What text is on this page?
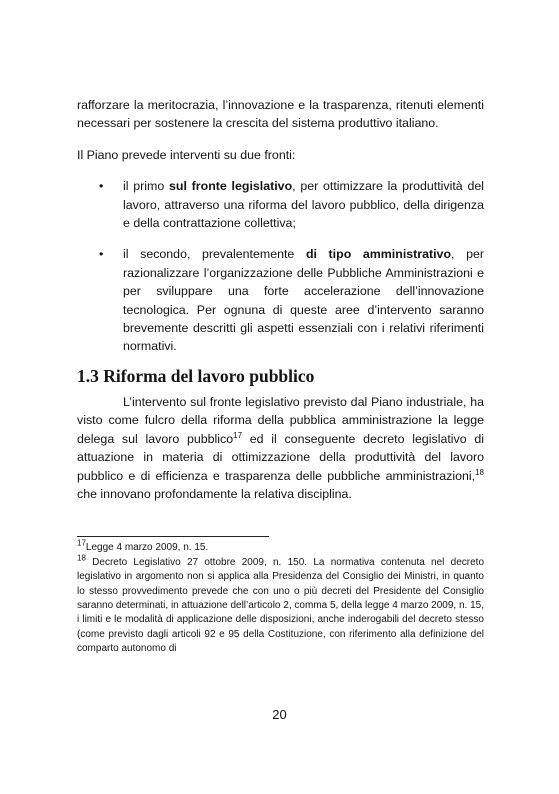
rafforzare la meritocrazia, l’innovazione e la trasparenza, ritenuti elementi necessari per sostenere la crescita del sistema produttivo italiano.

Il Piano prevede interventi su due fronti:

• il primo sul fronte legislativo, per ottimizzare la produttività del lavoro, attraverso una riforma del lavoro pubblico, della dirigenza e della contrattazione collettiva;
• il secondo, prevalentemente di tipo amministrativo, per razionalizzare l’organizzazione delle Pubbliche Amministrazioni e per sviluppare una forte accelerazione dell’innovazione tecnologica. Per ognuna di queste aree d’intervento saranno brevemente descritti gli aspetti essenziali con i relativi riferimenti normativi.
1.3 Riforma del lavoro pubblico

L’intervento sul fronte legislativo previsto dal Piano industriale, ha visto come fulcro della riforma della pubblica amministrazione la legge delega sul lavoro pubblico$^{17}$ ed il conseguente decreto legislativo di attuazione in materia di ottimizzazione della produttività del lavoro pubblico e di efficienza e trasparenza delle pubbliche amministrazioni,$^{18}$ che innovano profondamente la relativa disciplina.

$^{17}$Legge 4 marzo 2009, n. 15.
$^{18}$ Decreto Legislativo 27 ottobre 2009, n. 150. La normativa contenuta nel decreto legislativo in argomento non si applica alla Presidenza del Consiglio dei Ministri, in quanto lo stesso provvedimento prevede che con uno o più decreti del Presidente del Consiglio saranno determinati, in attuazione dell’articolo 2, comma 5, della legge 4 marzo 2009, n. 15, i limiti e le modalità di applicazione delle disposizioni, anche inderogabili del decreto stesso (come previsto dagli articoli 92 e 95 della Costituzione, con riferimento alla definizione del comparto autonomo di
20
